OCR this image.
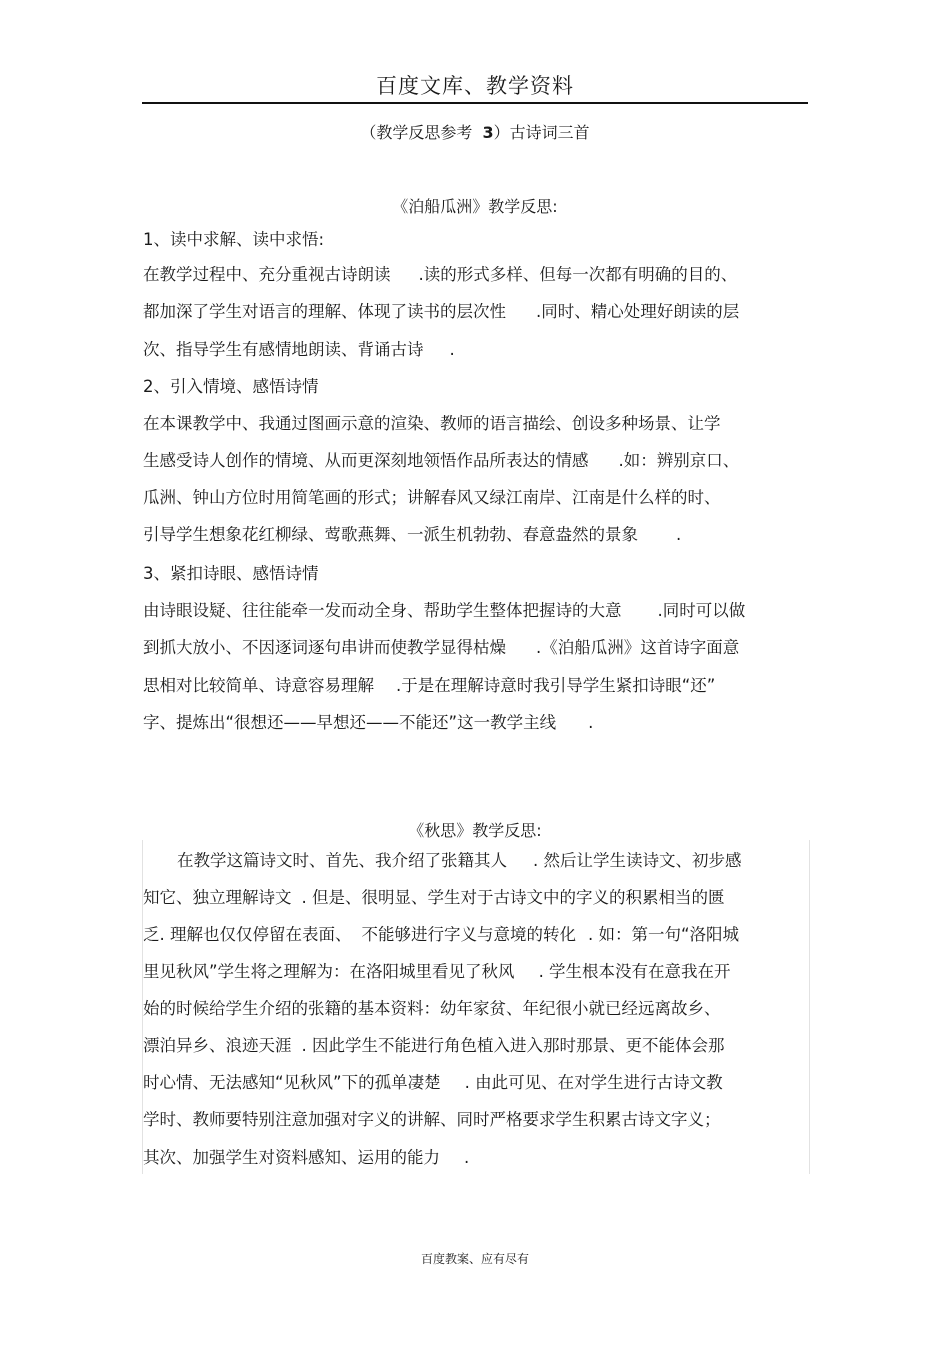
百度文库、教学资料
（教学反思参考 3）古诗词三首
《泊船瓜洲》教学反思:
1、读中求解、读中求悟:
在教学过程中、充分重视古诗朗读 .读的形式多样、但每一次都有明确的目的、
都加深了学生对语言的理解、体现了读书的层次性 .同时、精心处理好朗读的层
次、指导学生有感情地朗读、背诵古诗 .
2、引入情境、感悟诗情
在本课教学中、我通过图画示意的渲染、教师的语言描绘、创设多种场景、让学
生感受诗人创作的情境、从而更深刻地领悟作品所表达的情感 .如：辨别京口、
瓜洲、钟山方位时用简笔画的形式；讲解春风又绿江南岸、江南是什么样的时、
引导学生想象花红柳绿、莺歌燕舞、一派生机勃勃、春意盎然的景象 .
3、紧扣诗眼、感悟诗情
由诗眼设疑、往往能牵一发而动全身、帮助学生整体把握诗的大意 .同时可以做
到抓大放小、不因逐词逐句串讲而使教学显得枯燥 .《泊船瓜洲》这首诗字面意
思相对比较简单、诗意容易理解 .于是在理解诗意时我引导学生紧扣诗眼“还”
字、提炼出“很想还——早想还——不能还”这一教学主线 .
《秋思》教学反思:
在教学这篇诗文时、首先、我介绍了张籍其人 . 然后让学生读诗文、初步感
知它、独立理解诗文 . 但是、很明显、学生对于古诗文中的字义的积累相当的匮
乏. 理解也仅仅停留在表面、 不能够进行字义与意境的转化 . 如：第一句“洛阳城
里见秋风”学生将之理解为：在洛阳城里看见了秋风 . 学生根本没有在意我在开
始的时候给学生介绍的张籍的基本资料：幼年家贫、年纪很小就已经远离故乡、
漂泊异乡、浪迹天涯 . 因此学生不能进行角色植入进入那时那景、更不能体会那
时心情、无法感知“见秋风”下的孤单凄楚 . 由此可见、在对学生进行古诗文教
学时、教师要特别注意加强对字义的讲解、同时严格要求学生积累古诗文字义；
其次、加强学生对资料感知、运用的能力 .
百度教案、应有尽有
